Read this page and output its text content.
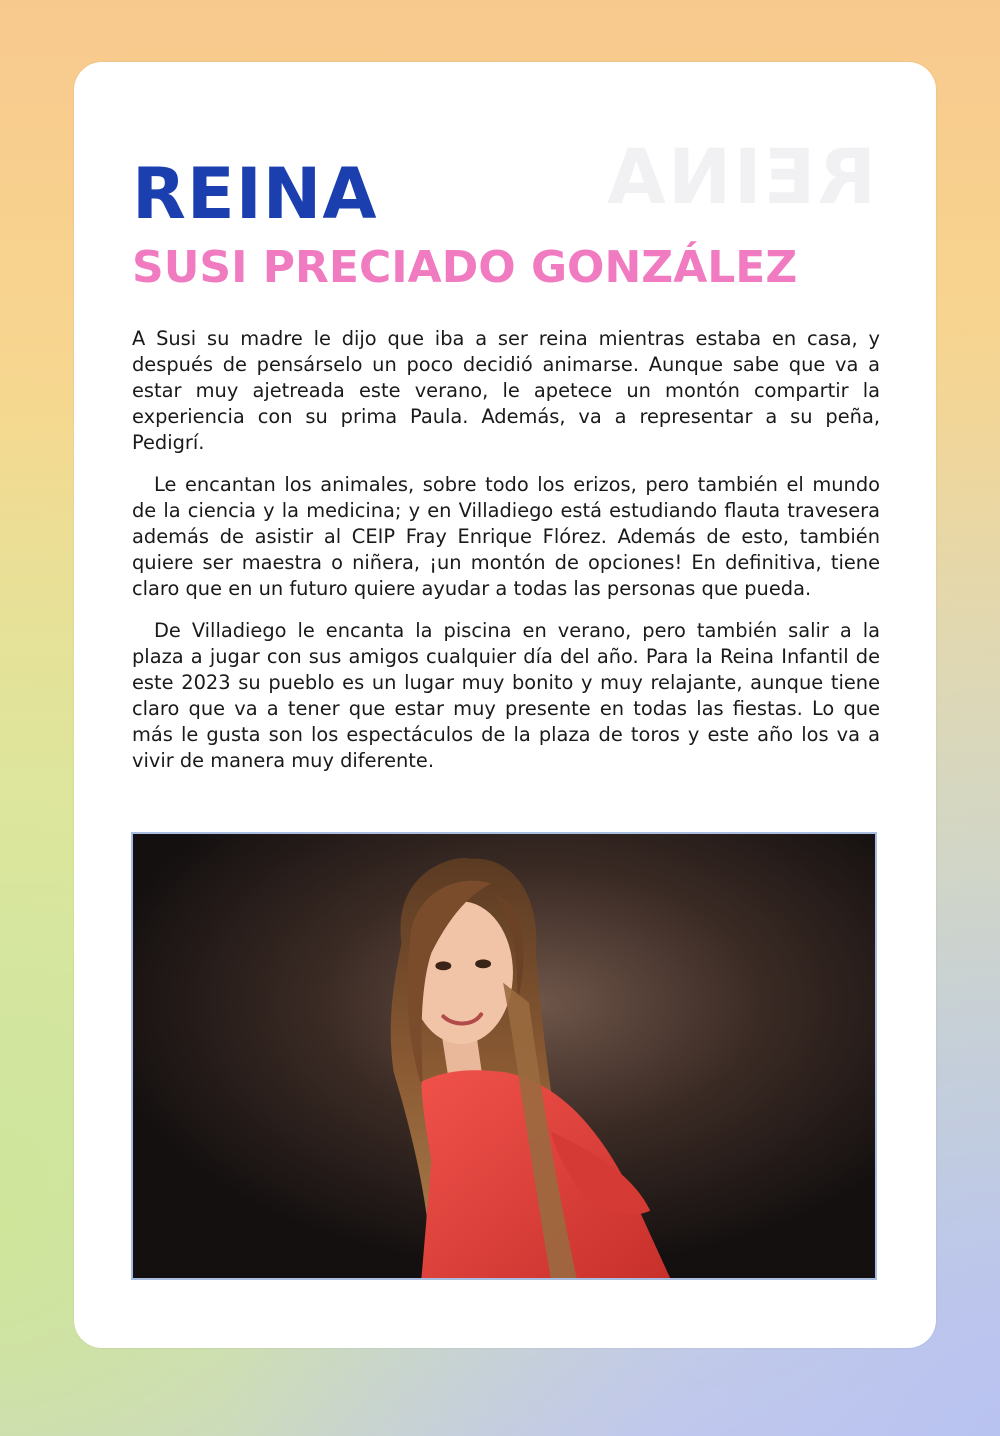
REINA
REINA
SUSI PRECIADO GONZÁLEZ

A Susi su madre le dijo que iba a ser reina mientras estaba en casa, y después de pensárselo un poco decidió animarse. Aunque sabe que va a estar muy ajetreada este verano, le apetece un montón compartir la experiencia con su prima Paula. Además, va a representar a su peña, Pedigrí.

Le encantan los animales, sobre todo los erizos, pero también el mundo de la ciencia y la medicina; y en Villadiego está estudiando flauta travesera además de asistir al CEIP Fray Enrique Flórez. Además de esto, también quiere ser maestra o niñera, ¡un montón de opciones! En definitiva, tiene claro que en un futuro quiere ayudar a todas las personas que pueda.

De Villadiego le encanta la piscina en verano, pero también salir a la plaza a jugar con sus amigos cualquier día del año. Para la Reina Infantil de este 2023 su pueblo es un lugar muy bonito y muy relajante, aunque tiene claro que va a tener que estar muy presente en todas las fiestas. Lo que más le gusta son los espectáculos de la plaza de toros y este año los va a vivir de manera muy diferente.
